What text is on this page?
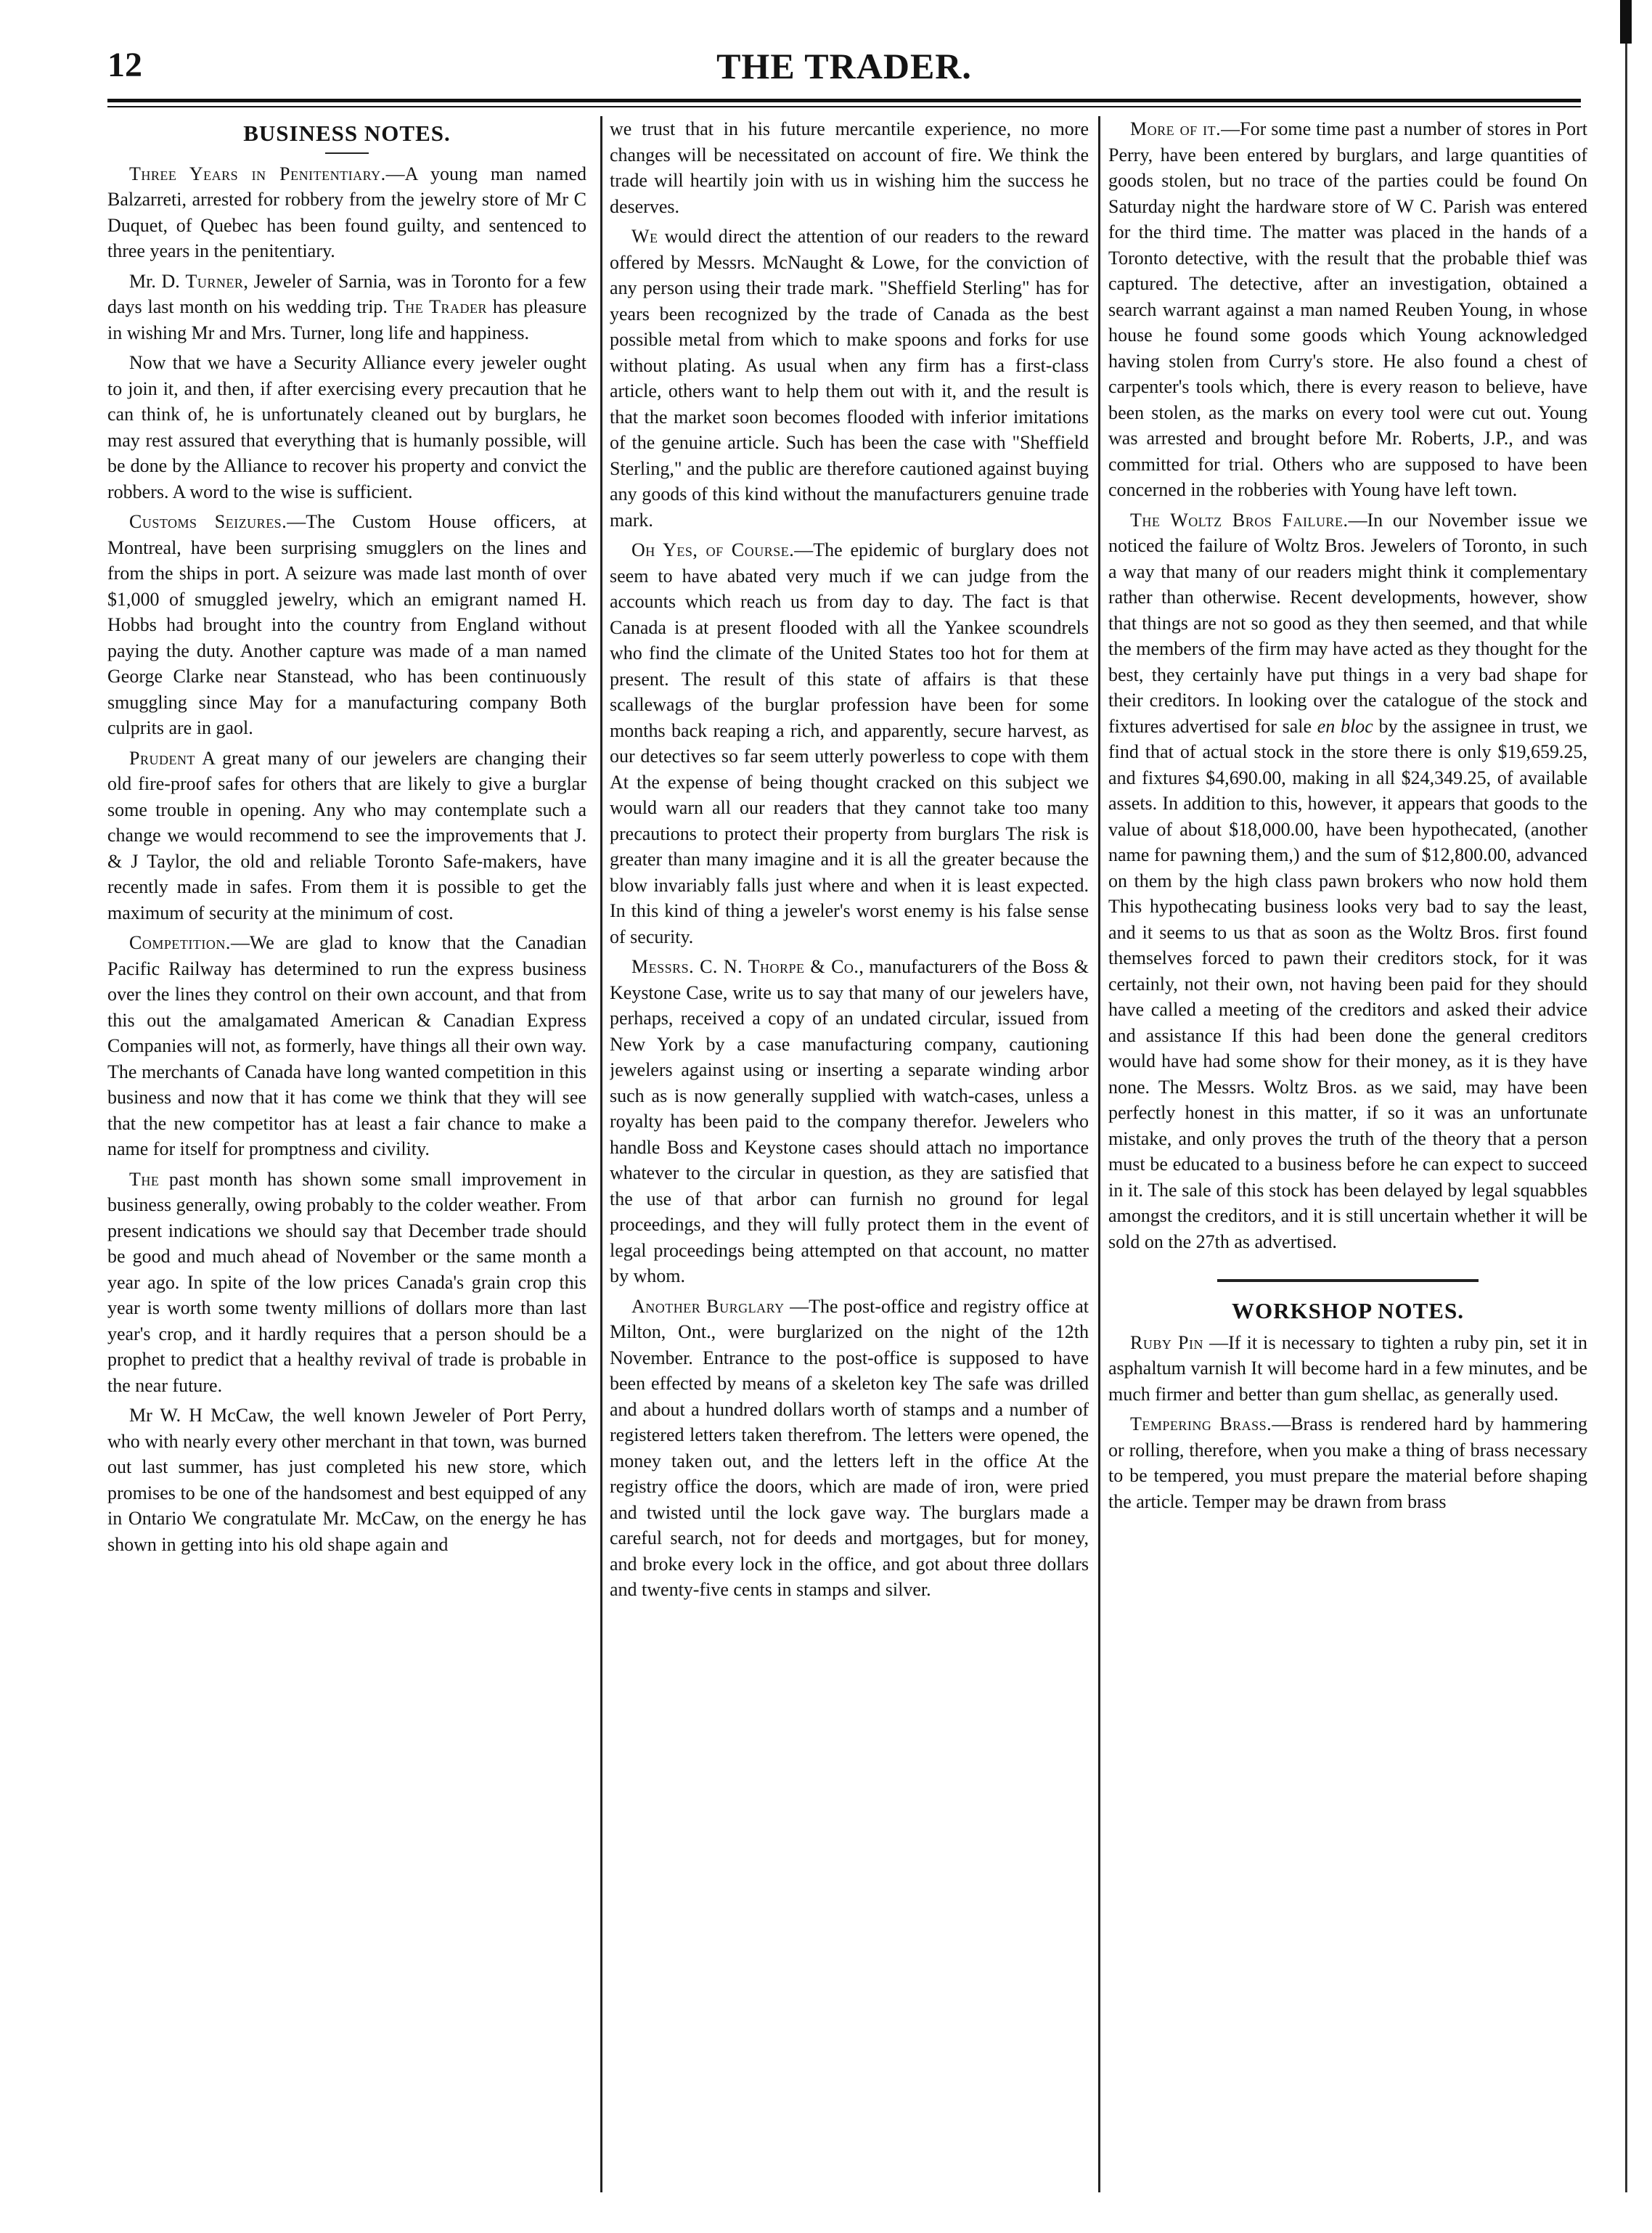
12	THE TRADER.
BUSINESS NOTES.

Three Years in Penitentiary.—A young man named Balzarreti, arrested for robbery from the jewelry store of Mr C Duquet, of Quebec has been found guilty, and sentenced to three years in the penitentiary.

Mr. D. Turner, Jeweler of Sarnia, was in Toronto for a few days last month on his wedding trip. The Trader has pleasure in wishing Mr and Mrs. Turner, long life and happiness.

Now that we have a Security Alliance every jeweler ought to join it, and then, if after exercising every precaution that he can think of, he is unfortunately cleaned out by burglars, he may rest assured that everything that is humanly possible, will be done by the Alliance to recover his property and convict the robbers. A word to the wise is sufficient.

Customs Seizures.—The Custom House officers, at Montreal, have been surprising smugglers on the lines and from the ships in port. A seizure was made last month of over $1,000 of smuggled jewelry, which an emigrant named H. Hobbs had brought into the country from England without paying the duty. Another capture was made of a man named George Clarke near Stanstead, who has been continuously smuggling since May for a manufacturing company Both culprits are in gaol.

Prudent A great many of our jewelers are changing their old fire-proof safes for others that are likely to give a burglar some trouble in opening. Any who may contemplate such a change we would recommend to see the improvements that J. & J Taylor, the old and reliable Toronto Safe-makers, have recently made in safes. From them it is possible to get the maximum of security at the minimum of cost.

Competition.—We are glad to know that the Canadian Pacific Railway has determined to run the express business over the lines they control on their own account, and that from this out the amalgamated American & Canadian Express Companies will not, as formerly, have things all their own way. The merchants of Canada have long wanted competition in this business and now that it has come we think that they will see that the new competitor has at least a fair chance to make a name for itself for promptness and civility.

The past month has shown some small improvement in business generally, owing probably to the colder weather. From present indications we should say that December trade should be good and much ahead of November or the same month a year ago. In spite of the low prices Canada's grain crop this year is worth some twenty millions of dollars more than last year's crop, and it hardly requires that a person should be a prophet to predict that a healthy revival of trade is probable in the near future.

Mr W. H McCaw, the well known Jeweler of Port Perry, who with nearly every other merchant in that town, was burned out last summer, has just completed his new store, which promises to be one of the handsomest and best equipped of any in Ontario We congratulate Mr. McCaw, on the energy he has shown in getting into his old shape again and

we trust that in his future mercantile experience, no more changes will be necessitated on account of fire. We think the trade will heartily join with us in wishing him the success he deserves.

We would direct the attention of our readers to the reward offered by Messrs. McNaught & Lowe, for the conviction of any person using their trade mark. "Sheffield Sterling" has for years been recognized by the trade of Canada as the best possible metal from which to make spoons and forks for use without plating. As usual when any firm has a first-class article, others want to help them out with it, and the result is that the market soon becomes flooded with inferior imitations of the genuine article. Such has been the case with "Sheffield Sterling," and the public are therefore cautioned against buying any goods of this kind without the manufacturers genuine trade mark.

Oh Yes, of Course.—The epidemic of burglary does not seem to have abated very much if we can judge from the accounts which reach us from day to day. The fact is that Canada is at present flooded with all the Yankee scoundrels who find the climate of the United States too hot for them at present. The result of this state of affairs is that these scallewags of the burglar profession have been for some months back reaping a rich, and apparently, secure harvest, as our detectives so far seem utterly powerless to cope with them At the expense of being thought cracked on this subject we would warn all our readers that they cannot take too many precautions to protect their property from burglars The risk is greater than many imagine and it is all the greater because the blow invariably falls just where and when it is least expected. In this kind of thing a jeweler's worst enemy is his false sense of security.

Messrs. C. N. Thorpe & Co., manufacturers of the Boss & Keystone Case, write us to say that many of our jewelers have, perhaps, received a copy of an undated circular, issued from New York by a case manufacturing company, cautioning jewelers against using or inserting a separate winding arbor such as is now generally supplied with watch-cases, unless a royalty has been paid to the company therefor. Jewelers who handle Boss and Keystone cases should attach no importance whatever to the circular in question, as they are satisfied that the use of that arbor can furnish no ground for legal proceedings, and they will fully protect them in the event of legal proceedings being attempted on that account, no matter by whom.

Another Burglary —The post-office and registry office at Milton, Ont., were burglarized on the night of the 12th November. Entrance to the post-office is supposed to have been effected by means of a skeleton key The safe was drilled and about a hundred dollars worth of stamps and a number of registered letters taken therefrom. The letters were opened, the money taken out, and the letters left in the office At the registry office the doors, which are made of iron, were pried and twisted until the lock gave way. The burglars made a careful search, not for deeds and mortgages, but for money, and broke every lock in the office, and got about three dollars and twenty-five cents in stamps and silver.

More of it.—For some time past a number of stores in Port Perry, have been entered by burglars, and large quantities of goods stolen, but no trace of the parties could be found On Saturday night the hardware store of W C. Parish was entered for the third time. The matter was placed in the hands of a Toronto detective, with the result that the probable thief was captured. The detective, after an investigation, obtained a search warrant against a man named Reuben Young, in whose house he found some goods which Young acknowledged having stolen from Curry's store. He also found a chest of carpenter's tools which, there is every reason to believe, have been stolen, as the marks on every tool were cut out. Young was arrested and brought before Mr. Roberts, J.P., and was committed for trial. Others who are supposed to have been concerned in the robberies with Young have left town.

The Woltz Bros Failure.—In our November issue we noticed the failure of Woltz Bros. Jewelers of Toronto, in such a way that many of our readers might think it complementary rather than otherwise. Recent developments, however, show that things are not so good as they then seemed, and that while the members of the firm may have acted as they thought for the best, they certainly have put things in a very bad shape for their creditors. In looking over the catalogue of the stock and fixtures advertised for sale en bloc by the assignee in trust, we find that of actual stock in the store there is only $19,659.25, and fixtures $4,690.00, making in all $24,349.25, of available assets. In addition to this, however, it appears that goods to the value of about $18,000.00, have been hypothecated, (another name for pawning them,) and the sum of $12,800.00, advanced on them by the high class pawn brokers who now hold them This hypothecating business looks very bad to say the least, and it seems to us that as soon as the Woltz Bros. first found themselves forced to pawn their creditors stock, for it was certainly, not their own, not having been paid for they should have called a meeting of the creditors and asked their advice and assistance If this had been done the general creditors would have had some show for their money, as it is they have none. The Messrs. Woltz Bros. as we said, may have been perfectly honest in this matter, if so it was an unfortunate mistake, and only proves the truth of the theory that a person must be educated to a business before he can expect to succeed in it. The sale of this stock has been delayed by legal squabbles amongst the creditors, and it is still uncertain whether it will be sold on the 27th as advertised.

WORKSHOP NOTES.

Ruby Pin —If it is necessary to tighten a ruby pin, set it in asphaltum varnish It will become hard in a few minutes, and be much firmer and better than gum shellac, as generally used.

Tempering Brass.—Brass is rendered hard by hammering or rolling, therefore, when you make a thing of brass necessary to be tempered, you must prepare the material before shaping the article. Temper may be drawn from brass
